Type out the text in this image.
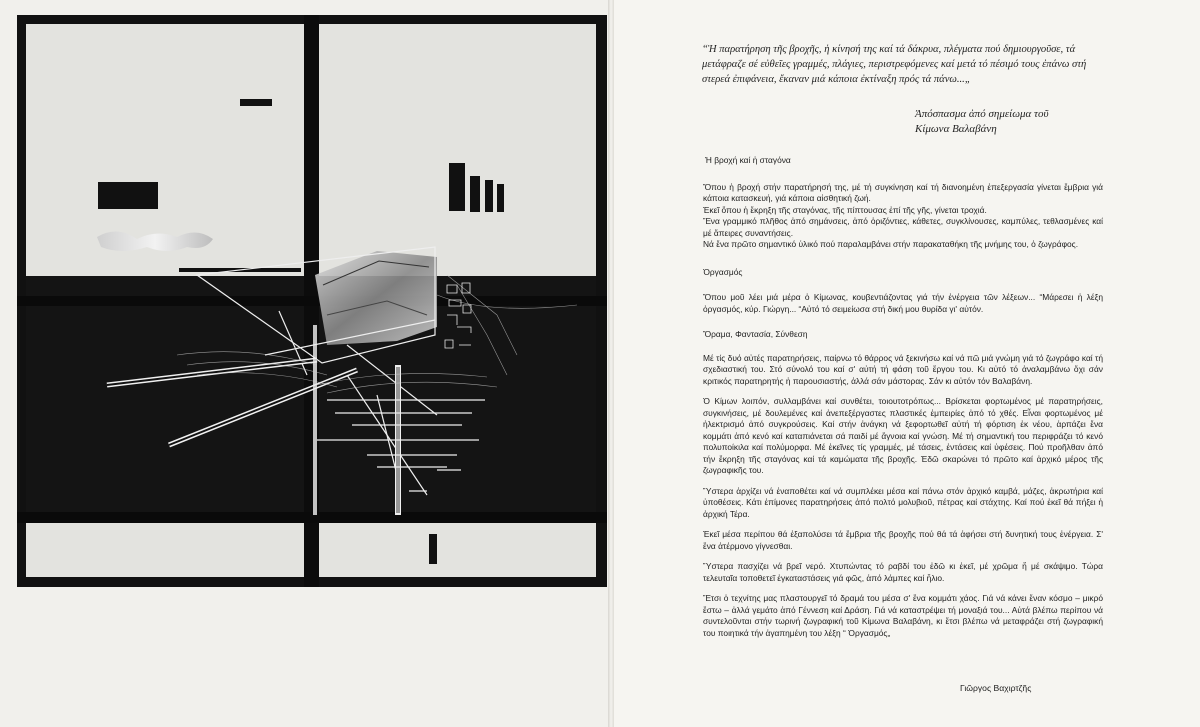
“Ἡ παρατήρηση τῆς βροχῆς, ἡ κίνησή της καί τά δάκρυα, πλέγματα πού δημιουργοῦσε, τά μετάφραζε σέ εὐθεῖες γραμμές, πλάγιες, περιστρεφόμενες καί μετά τό πέσιμό τους ἐπάνω στή στερεά ἐπιφάνεια, ἔκαναν μιά κάποια ἐκτίναξη πρός τά πάνω...„
Ἀπόσπασμα ἀπό σημείωμα τοῦ
Κίμωνα Βαλαβάνη

Ἡ βροχή καί ἡ σταγόνα

Ὅπου ἡ βροχή στήν παρατήρησή της, μέ τή συγκίνηση καί τή διανοημένη ἐπεξεργασία γίνεται ἔμβρια γιά κάποια κατασκευή, γιά κάποια αἰσθητική ζωή.

Ἐκεῖ ὅπου ἡ ἔκρηξη τῆς σταγόνας, τῆς πίπτουσας ἐπί τῆς γῆς, γίνεται τροχιά.

Ἕνα γραμμικό πλῆθος ἀπό σημάνσεις, ἀπό ὁριζόντιες, κάθετες, συγκλίνουσες, καμπύλες, τεθλασμένες καί μέ ἄπειρες συναντήσεις.

Νά ἕνα πρῶτο σημαντικό ὑλικό πού παραλαμβάνει στήν παρακαταθήκη τῆς μνήμης του, ὁ ζωγράφος.

Ὀργασμός

Ὅπου μοῦ λέει μιά μέρα ὁ Κίμωνας, κουβεντιάζοντας γιά τήν ἐνέργεια τῶν λέξεων... “Μάρεσει ἡ λέξη ὀργασμός, κύρ. Γιώργη... “Αὐτό τό σειμείωσα στή δική μου θυρίδα γι' αὐτόν.

Ὅραμα, Φαντασία, Σύνθεση

Μέ τίς δυό αὐτές παρατηρήσεις, παίρνω τό θάρρος νά ξεκινήσω καί νά πῶ μιά γνώμη γιά τό ζωγράφο καί τή σχεδιαστική του. Στό σύνολό του καί σ' αὐτή τή φάση τοῦ ἔργου του. Κι αὐτό τό ἀναλαμβάνω ὄχι σάν κριτικός παρατηρητής ἡ παρουσιαστής, ἀλλά σάν μάστορας. Σάν κι αὐτόν τόν Βαλαβάνη.

Ὁ Κίμων λοιπόν, συλλαμβάνει καί συνθέτει, τοιουτοτρόπως... Βρίσκεται φορτωμένος μέ παρατηρήσεις, συγκινήσεις, μέ δουλεμένες καί ἀνεπεξέργαστες πλαστικές ἐμπειρίες ἀπό τό χθές. Εἶναι φορτωμένος μέ ἠλεκτρισμό ἀπό συγκρούσεις. Καί στήν ἀνάγκη νά ξεφορτωθεῖ αὐτή τή φόρτιση ἐκ νέου, ἁρπάζει ἕνα κομμάτι ἀπό κενό καί καταπιάνεται σά παιδί μέ ἄγνοια καί γνώση. Μέ τή σημαντική του περιφράζει τό κενό πολυποίκιλα καί πολύμορφα. Μέ ἐκεῖνες τίς γραμμές, μέ τάσεις, ἐντάσεις καί ὑφέσεις. Πού προῆλθαν ἀπό τήν ἔκρηξη τῆς σταγόνας καί τά καμώματα τῆς βροχῆς. Ἐδῶ σκαρώνει τό πρῶτο καί ἀρχικό μέρος τῆς ζωγραφικῆς του.

Ὕστερα ἀρχίζει νά ἐναποθέτει καί νά συμπλέκει μέσα καί πάνω στόν ἀρχικό καμβά, μάζες, ἀκρωτήρια καί ὑποθέσεις. Κάτι ἐπίμονες παρατηρήσεις ἀπό πολτό μολυβιοῦ, πέτρας καί στάχτης. Καί πού ἐκεῖ θά πήξει ἡ ἀρχική Τέρα.

Ἐκεῖ μέσα περίπου θά ἐξαπολύσει τά ἔμβρια τῆς βροχῆς πού θά τά ἀφήσει στή δυνητική τους ἐνέργεια. Σ' ἕνα ἀτέρμονο γίγνεσθαι.

Ὕστερα πασχίζει νά βρεῖ νερό. Χτυπώντας τό ραβδί του ἐδῶ κι ἐκεῖ, μέ χρῶμα ἤ μέ σκάψιμο. Τώρα τελευταῖα τοποθετεῖ ἐγκαταστάσεις γιά φῶς, ἀπό λάμπες καί ἥλιο.

Ἔτσι ὁ τεχνίτης μας πλαστουργεῖ τό δραμά του μέσα σ' ἕνα κομμάτι χάος. Γιά νά κάνει ἕναν κόσμο – μικρό ἔστω – ἀλλά γεμάτο ἀπό Γέννεση καί Δράση. Γιά νά καταστρέψει τή μοναξιά του... Αὐτά βλέπω περίπου νά συντελοῦνται στήν τωρινή ζωγραφική τοῦ Κίμωνα Βαλαβάνη, κι ἔτσι βλέπω νά μεταφράζει στή ζωγραφική του ποιητικά τήν ἀγαπημένη του λέξη “ Ὀργασμός„

Γιῶργος Βαχιρτζῆς
